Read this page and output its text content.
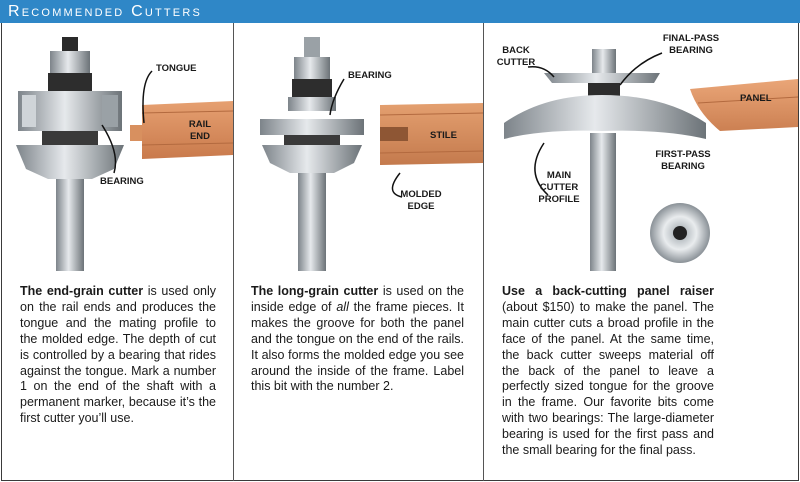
Recommended Cutters
TONGUE
RAIL
END
BEARING
The end-grain cutter is used only on the rail ends and produces the tongue and the mating profile to the molded edge. The depth of cut is controlled by a bearing that rides against the tongue. Mark a number 1 on the end of the shaft with a permanent marker, because it’s the first cutter you’ll use.
BEARING
STILE
MOLDED
EDGE
The long-grain cutter is used on the inside edge of all the frame pieces. It makes the groove for both the panel and the tongue on the end of the rails. It also forms the molded edge you see around the inside of the frame. Label this bit with the number 2.
BACK
CUTTER
FINAL-PASS
BEARING
PANEL
MAIN
CUTTER
PROFILE
FIRST-PASS
BEARING
Use a back-cutting panel raiser (about $150) to make the panel. The main cutter cuts a broad profile in the face of the panel. At the same time, the back cutter sweeps material off the back of the panel to leave a perfectly sized tongue for the groove in the frame. Our favorite bits come with two bearings: The large-diameter bearing is used for the first pass and the small bearing for the final pass.
